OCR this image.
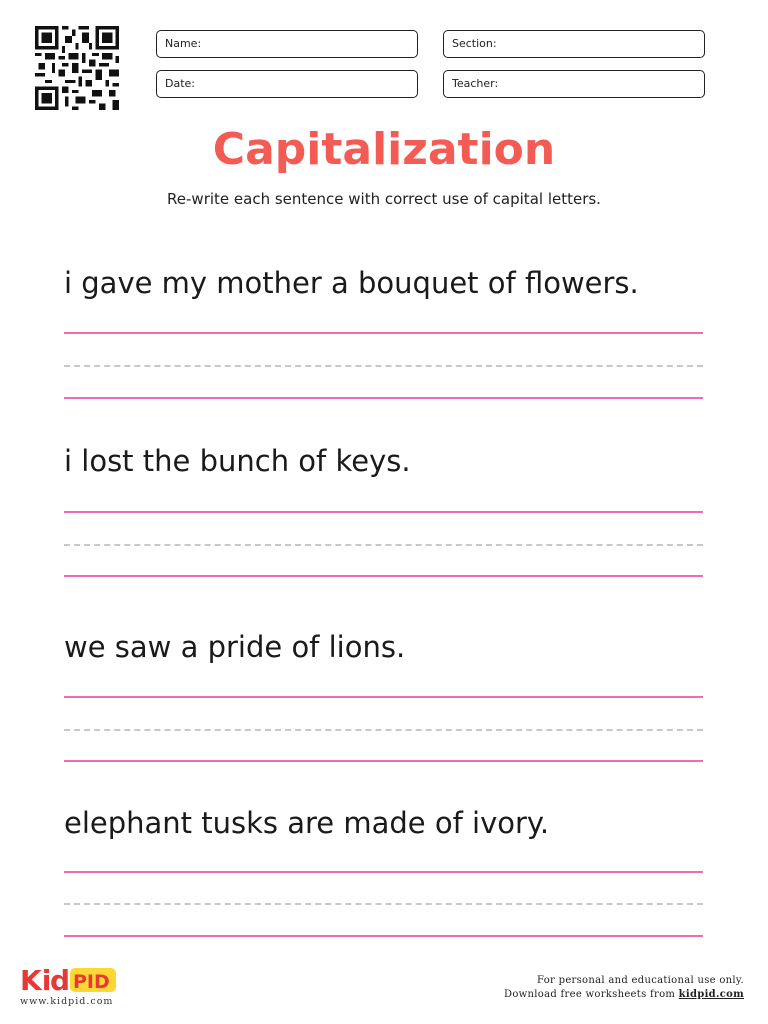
Name:	Section:
Date:	Teacher:
Capitalization
Re-write each sentence with correct use of capital letters.
i gave my mother a bouquet of flowers.
i lost the bunch of keys.
we saw a pride of lions.
elephant tusks are made of ivory.
Ki
d PID
www.kidpid.com
For personal and educational use only.
Download free worksheets from kidpid.com
